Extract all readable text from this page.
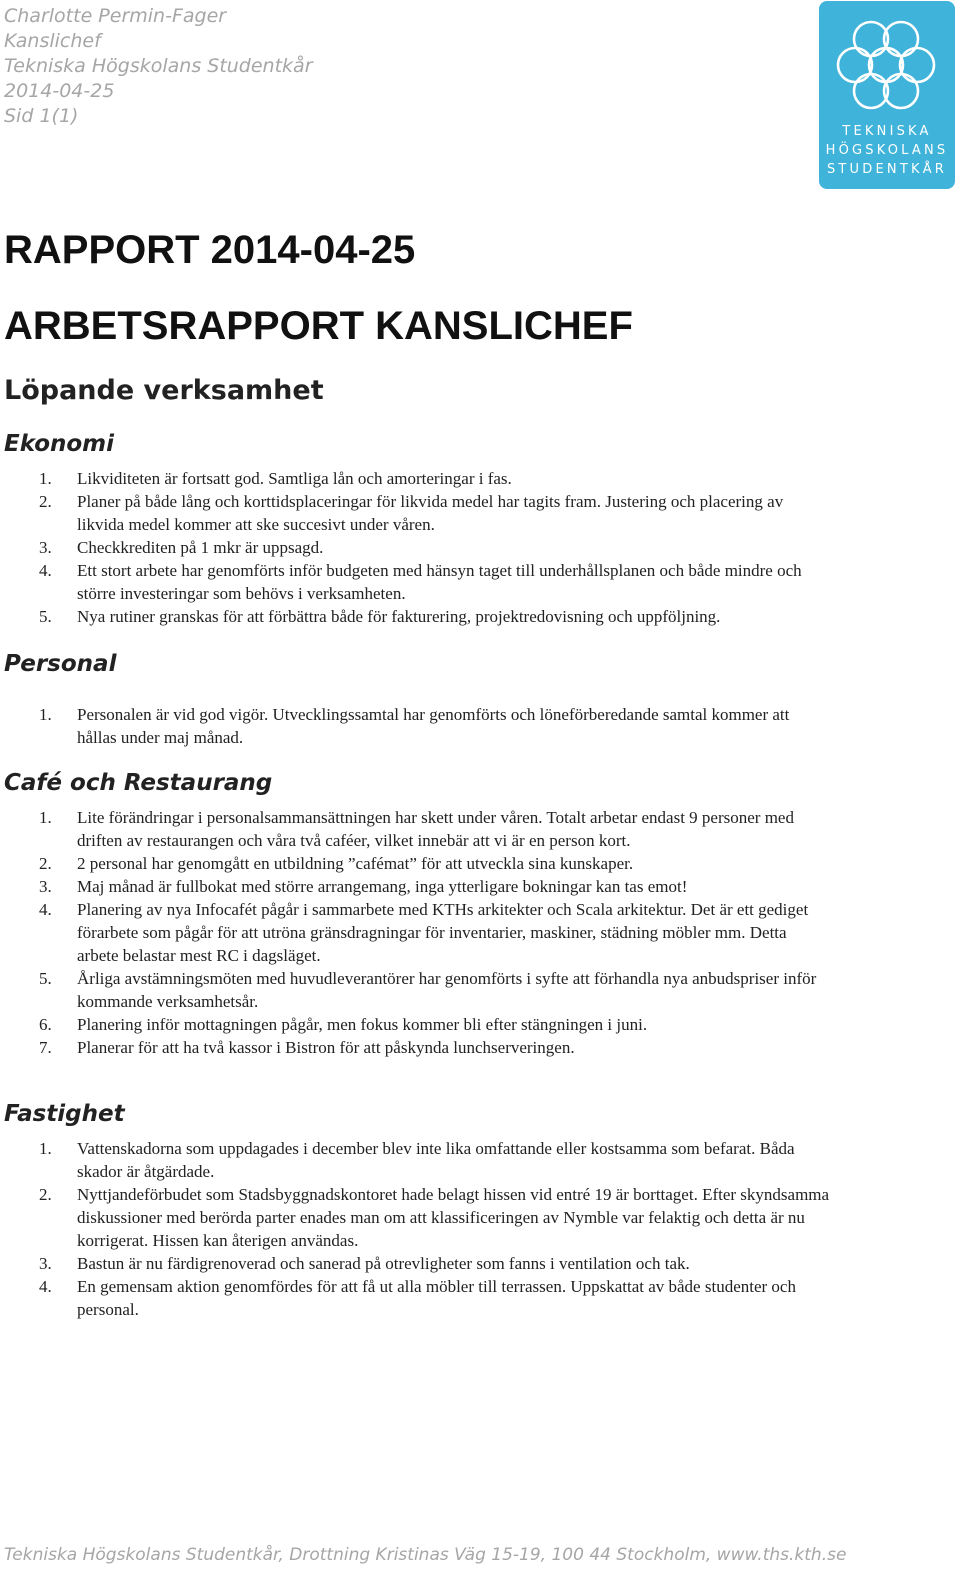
Charlotte Permin-Fager
Kanslichef
Tekniska Högskolans Studentkår
2014-04-25
Sid 1(1)
TEKNISKA
HÖGSKOLANS
STUDENTKÅR
RAPPORT 2014-04-25
ARBETSRAPPORT KANSLICHEF
Löpande verksamhet
Ekonomi
1. Likviditeten är fortsatt god. Samtliga lån och amorteringar i fas.
2. Planer på både lång och korttidsplaceringar för likvida medel har tagits fram. Justering och placering av likvida medel kommer att ske succesivt under våren.
3. Checkkrediten på 1 mkr är uppsagd.
4. Ett stort arbete har genomförts inför budgeten med hänsyn taget till underhållsplanen och både mindre och större investeringar som behövs i verksamheten.
5. Nya rutiner granskas för att förbättra både för fakturering, projektredovisning och uppföljning.
Personal
1. Personalen är vid god vigör. Utvecklingssamtal har genomförts och löneförberedande samtal kommer att hållas under maj månad.
Café och Restaurang
1. Lite förändringar i personalsammansättningen har skett under våren. Totalt arbetar endast 9 personer med driften av restaurangen och våra två caféer, vilket innebär att vi är en person kort.
2. 2 personal har genomgått en utbildning ”cafémat” för att utveckla sina kunskaper.
3. Maj månad är fullbokat med större arrangemang, inga ytterligare bokningar kan tas emot!
4. Planering av nya Infocafét pågår i sammarbete med KTHs arkitekter och Scala arkitektur. Det är ett gediget förarbete som pågår för att utröna gränsdragningar för inventarier, maskiner, städning möbler mm. Detta arbete belastar mest RC i dagsläget.
5. Årliga avstämningsmöten med huvudleverantörer har genomförts i syfte att förhandla nya anbudspriser inför kommande verksamhetsår.
6. Planering inför mottagningen pågår, men fokus kommer bli efter stängningen i juni.
7. Planerar för att ha två kassor i Bistron för att påskynda lunchserveringen.
Fastighet
1. Vattenskadorna som uppdagades i december blev inte lika omfattande eller kostsamma som befarat. Båda skador är åtgärdade.
2. Nyttjandeförbudet som Stadsbyggnadskontoret hade belagt hissen vid entré 19 är borttaget. Efter skyndsamma diskussioner med berörda parter enades man om att klassificeringen av Nymble var felaktig och detta är nu korrigerat. Hissen kan återigen användas.
3. Bastun är nu färdigrenoverad och sanerad på otrevligheter som fanns i ventilation och tak.
4. En gemensam aktion genomfördes för att få ut alla möbler till terrassen. Uppskattat av både studenter och personal.
Tekniska Högskolans Studentkår, Drottning Kristinas Väg 15-19, 100 44 Stockholm, www.ths.kth.se
